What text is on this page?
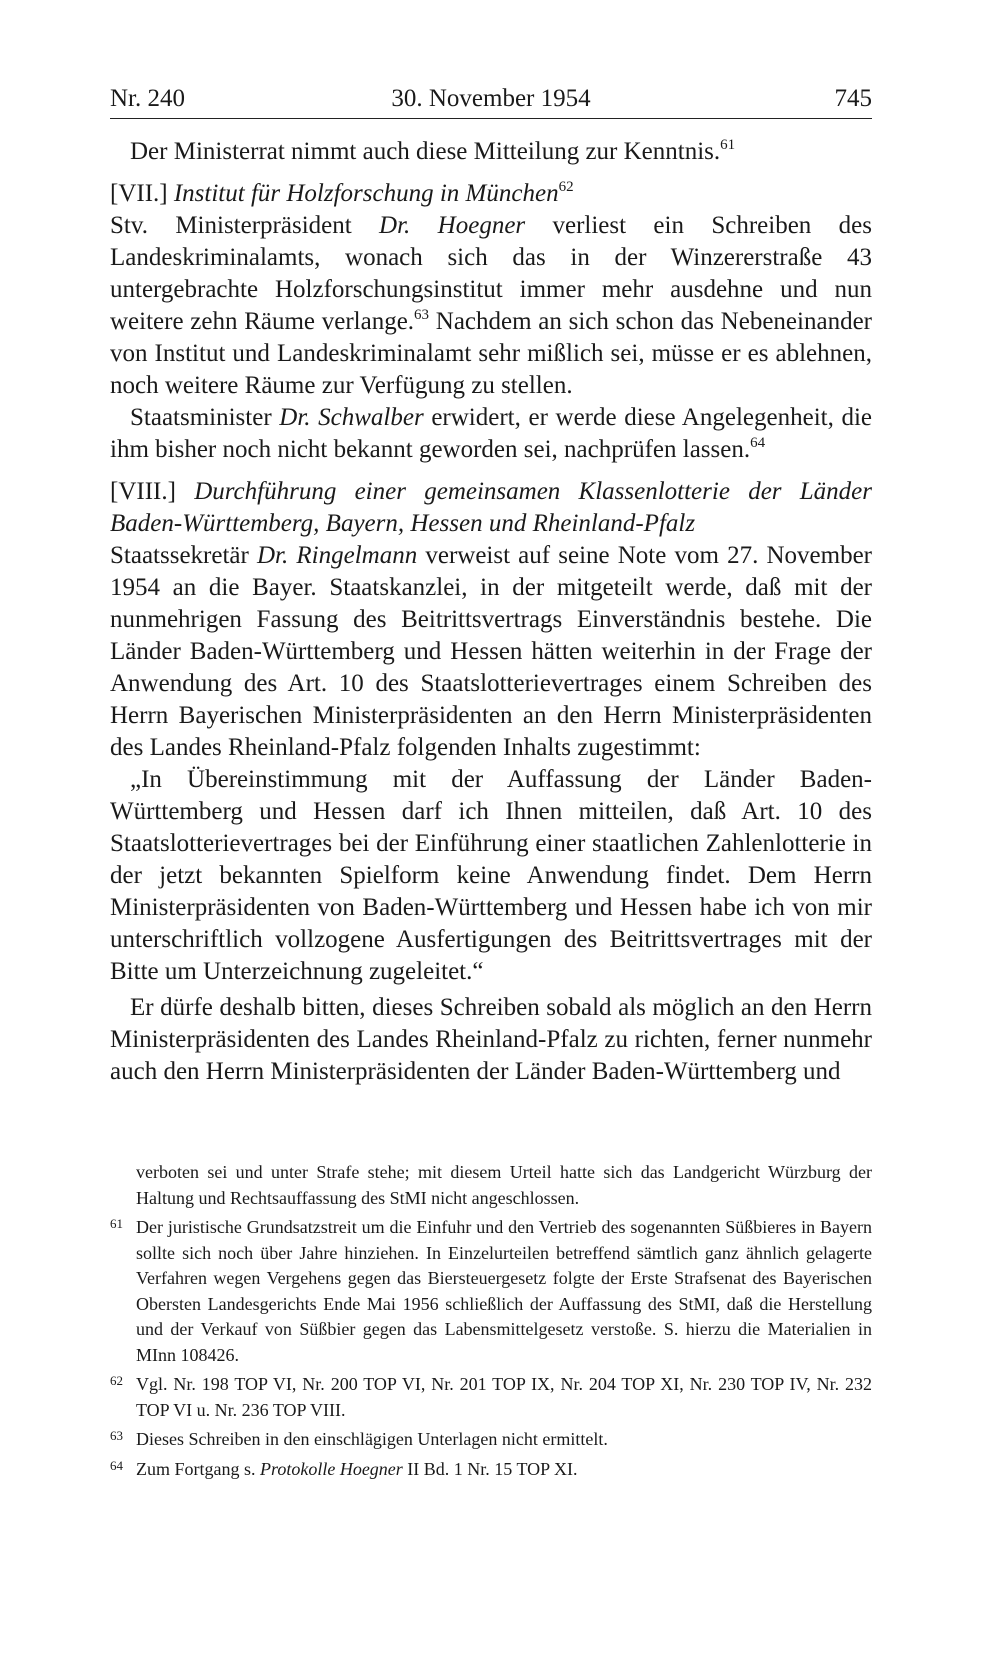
Nr. 240	30. November 1954	745

Der Ministerrat nimmt auch diese Mitteilung zur Kenntnis.$^{61}$

[VII.] Institut für Holzforschung in München$^{62}$

Stv. Ministerpräsident Dr. Hoegner verliest ein Schreiben des Landeskriminalamts, wonach sich das in der Winzererstraße 43 untergebrachte Holzforschungsinstitut immer mehr ausdehne und nun weitere zehn Räume verlange.$^{63}$ Nachdem an sich schon das Nebeneinander von Institut und Landeskriminalamt sehr mißlich sei, müsse er es ablehnen, noch weitere Räume zur Verfügung zu stellen.

Staatsminister Dr. Schwalber erwidert, er werde diese Angelegenheit, die ihm bisher noch nicht bekannt geworden sei, nachprüfen lassen.$^{64}$

[VIII.] Durchführung einer gemeinsamen Klassenlotterie der Länder Baden-Württemberg, Bayern, Hessen und Rheinland-Pfalz

Staatssekretär Dr. Ringelmann verweist auf seine Note vom 27. November 1954 an die Bayer. Staatskanzlei, in der mitgeteilt werde, daß mit der nunmehrigen Fassung des Beitrittsvertrags Einverständnis bestehe. Die Länder Baden-Württemberg und Hessen hätten weiterhin in der Frage der Anwendung des Art. 10 des Staatslotterievertrages einem Schreiben des Herrn Bayerischen Ministerpräsidenten an den Herrn Ministerpräsidenten des Landes Rheinland-Pfalz folgenden Inhalts zugestimmt:

„In Übereinstimmung mit der Auffassung der Länder Baden-Württemberg und Hessen darf ich Ihnen mitteilen, daß Art. 10 des Staatslotterievertrages bei der Einführung einer staatlichen Zahlenlotterie in der jetzt bekannten Spielform keine Anwendung findet. Dem Herrn Ministerpräsidenten von Baden-Württemberg und Hessen habe ich von mir unterschriftlich vollzogene Ausfertigungen des Beitrittsvertrages mit der Bitte um Unterzeichnung zugeleitet.“

Er dürfe deshalb bitten, dieses Schreiben sobald als möglich an den Herrn Ministerpräsidenten des Landes Rheinland-Pfalz zu richten, ferner nunmehr auch den Herrn Ministerpräsidenten der Länder Baden-Württemberg und

verboten sei und unter Strafe stehe; mit diesem Urteil hatte sich das Landgericht Würzburg der Haltung und Rechtsauffassung des StMI nicht angeschlossen.

61 Der juristische Grundsatzstreit um die Einfuhr und den Vertrieb des sogenannten Süßbieres in Bayern sollte sich noch über Jahre hinziehen. In Einzelurteilen betreffend sämtlich ganz ähnlich gelagerte Verfahren wegen Vergehens gegen das Biersteuergesetz folgte der Erste Strafsenat des Bayerischen Obersten Landesgerichts Ende Mai 1956 schließlich der Auffassung des StMI, daß die Herstellung und der Verkauf von Süßbier gegen das Labensmittelgesetz verstoße. S. hierzu die Materialien in MInn 108426.

62 Vgl. Nr. 198 TOP VI, Nr. 200 TOP VI, Nr. 201 TOP IX, Nr. 204 TOP XI, Nr. 230 TOP IV, Nr. 232 TOP VI u. Nr. 236 TOP VIII.

63 Dieses Schreiben in den einschlägigen Unterlagen nicht ermittelt.

64 Zum Fortgang s. Protokolle Hoegner II Bd. 1 Nr. 15 TOP XI.
